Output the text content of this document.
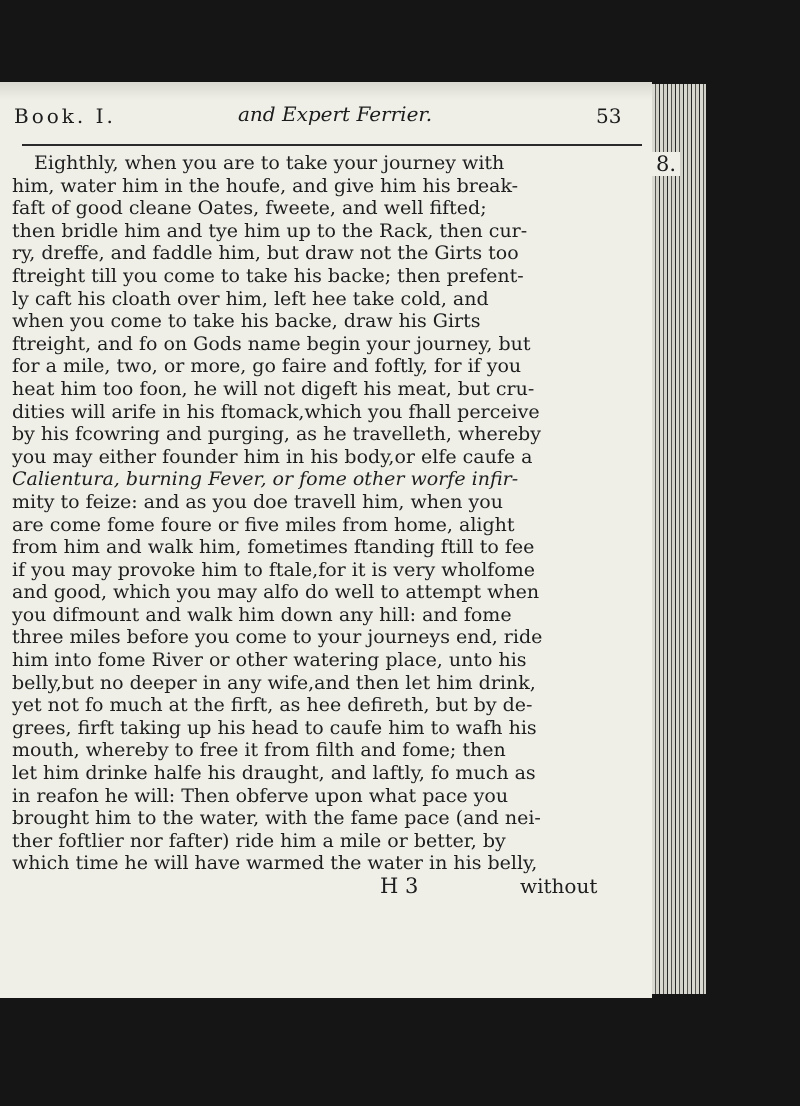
Book. I.	and Expert Ferrier.	53
8.
Eighthly, when you are to take your journey with
him, water him in the houfe, and give him his break-
faft of good cleane Oates, fweete, and well fifted;
then bridle him and tye him up to the Rack, then cur-
ry, dreffe, and faddle him, but draw not the Girts too
ftreight till you come to take his backe; then prefent-
ly caft his cloath over him, left hee take cold, and
when you come to take his backe, draw his Girts
ftreight, and fo on Gods name begin your journey, but
for a mile, two, or more, go faire and foftly, for if you
heat him too foon, he will not digeft his meat, but cru-
dities will arife in his ftomack,which you fhall perceive
by his fcowring and purging, as he travelleth, whereby
you may either founder him in his body,or elfe caufe a
Calientura, burning Fever, or fome other worfe infir-
mity to feize: and as you doe travell him, when you
are come fome foure or five miles from home, alight
from him and walk him, fometimes ftanding ftill to fee
if you may provoke him to ftale,for it is very wholfome
and good, which you may alfo do well to attempt when
you difmount and walk him down any hill: and fome
three miles before you come to your journeys end, ride
him into fome River or other watering place, unto his
belly,but no deeper in any wife,and then let him drink,
yet not fo much at the firft, as hee defireth, but by de-
grees, firft taking up his head to caufe him to wafh his
mouth, whereby to free it from filth and fome; then
let him drinke halfe his draught, and laftly, fo much as
in reafon he will: Then obferve upon what pace you
brought him to the water, with the fame pace (and nei-
ther foftlier nor fafter) ride him a mile or better, by
which time he will have warmed the water in his belly,
H 3	without
